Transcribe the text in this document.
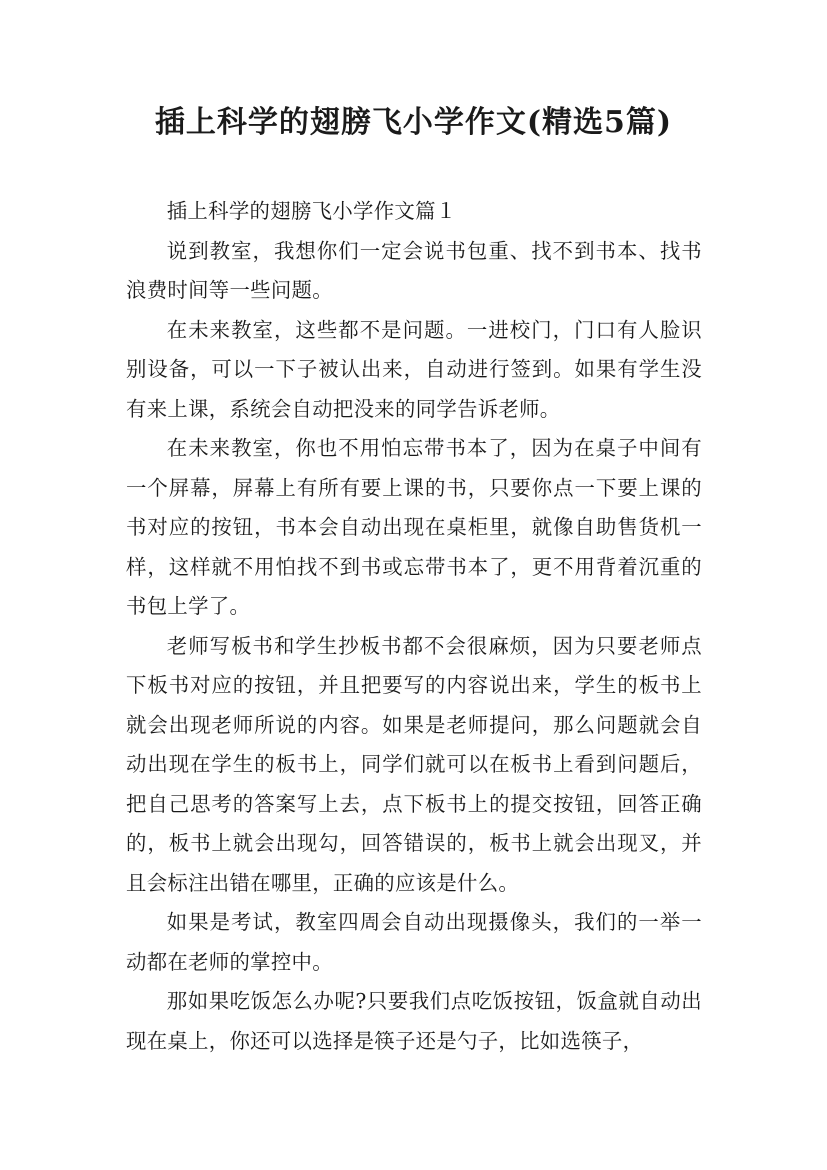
插上科学的翅膀飞小学作文(精选5篇)

插上科学的翅膀飞小学作文篇１

说到教室，我想你们一定会说书包重、找不到书本、找书浪费时间等一些问题。

在未来教室，这些都不是问题。一进校门，门口有人脸识别设备，可以一下子被认出来，自动进行签到。如果有学生没有来上课，系统会自动把没来的同学告诉老师。

在未来教室，你也不用怕忘带书本了，因为在桌子中间有一个屏幕，屏幕上有所有要上课的书，只要你点一下要上课的书对应的按钮，书本会自动出现在桌柜里，就像自助售货机一样，这样就不用怕找不到书或忘带书本了，更不用背着沉重的书包上学了。

老师写板书和学生抄板书都不会很麻烦，因为只要老师点下板书对应的按钮，并且把要写的内容说出来，学生的板书上就会出现老师所说的内容。如果是老师提问，那么问题就会自动出现在学生的板书上，同学们就可以在板书上看到问题后，把自己思考的答案写上去，点下板书上的提交按钮，回答正确的，板书上就会出现勾，回答错误的，板书上就会出现叉，并且会标注出错在哪里，正确的应该是什么。

如果是考试，教室四周会自动出现摄像头，我们的一举一动都在老师的掌控中。

那如果吃饭怎么办呢?只要我们点吃饭按钮，饭盒就自动出现在桌上，你还可以选择是筷子还是勺子，比如选筷子，
